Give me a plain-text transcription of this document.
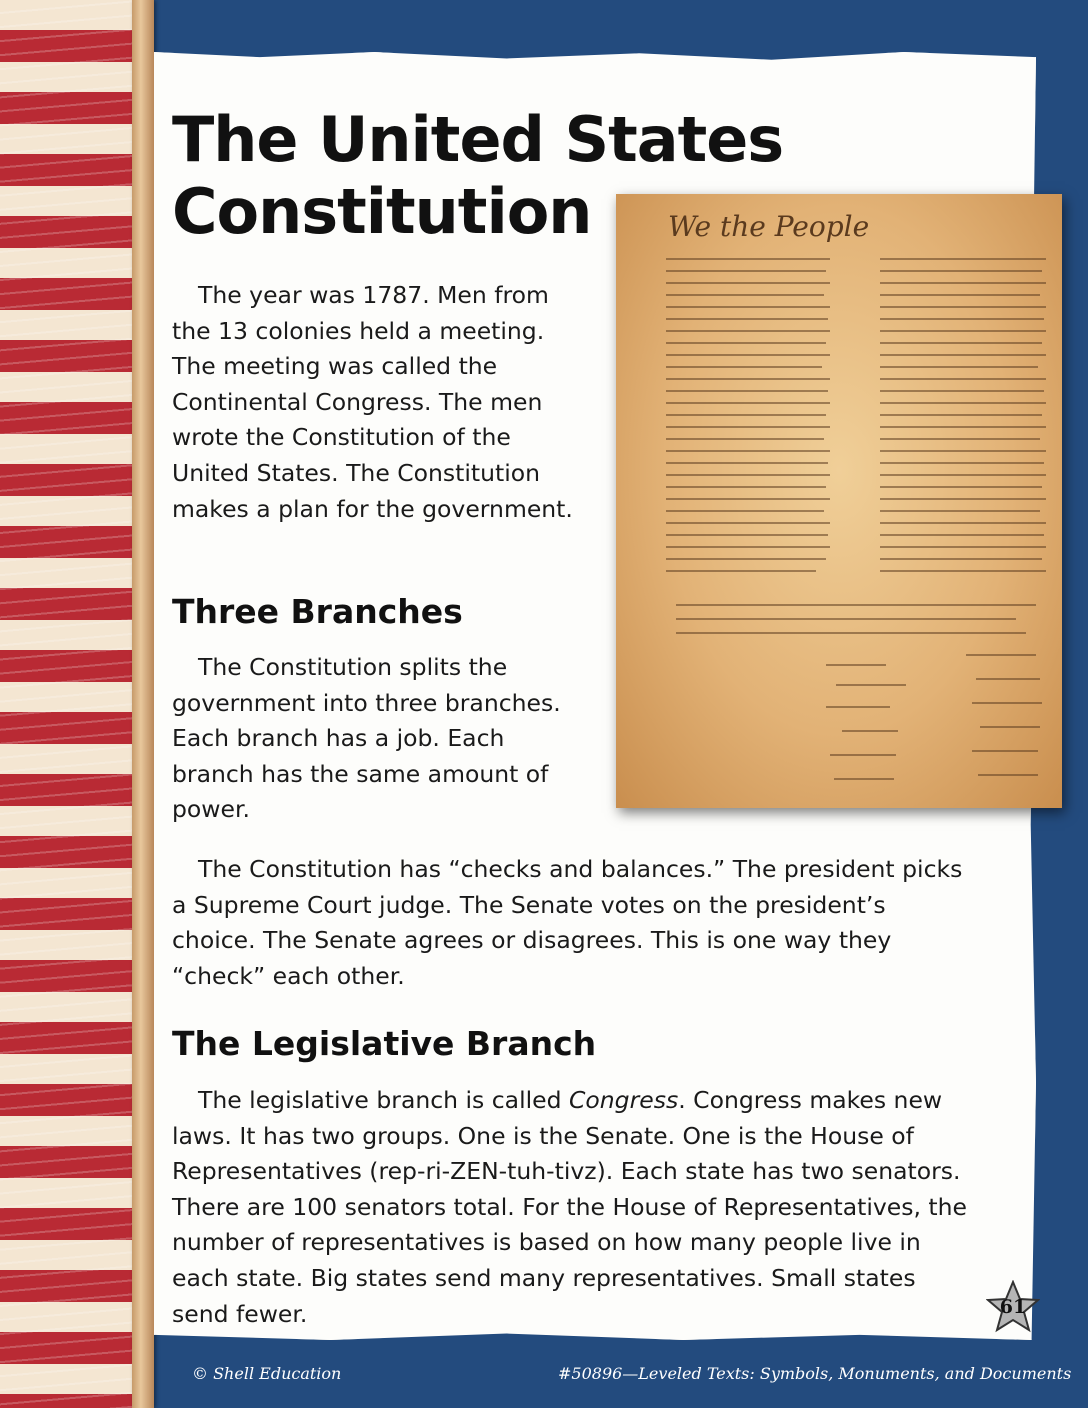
The United States
Constitution

The year was 1787. Men from the 13 colonies held a meeting. The meeting was called the Continental Congress. The men wrote the Constitution of the United States. The Constitution makes a plan for the government.

Three Branches

The Constitution splits the government into three branches. Each branch has a job. Each branch has the same amount of power.

The Constitution has “checks and balances.” The president picks a Supreme Court judge. The Senate votes on the president’s choice. The Senate agrees or disagrees. This is one way they “check” each other.

The Legislative Branch

The legislative branch is called Congress. Congress makes new laws. It has two groups. One is the Senate. One is the House of Representatives (rep-ri-ZEN-tuh-tivz). Each state has two senators. There are 100 senators total. For the House of Representatives, the number of representatives is based on how many people live in each state. Big states send many representatives. Small states send fewer.

We the People
© Shell Education	#50896—Leveled Texts: Symbols, Monuments, and Documents
61
